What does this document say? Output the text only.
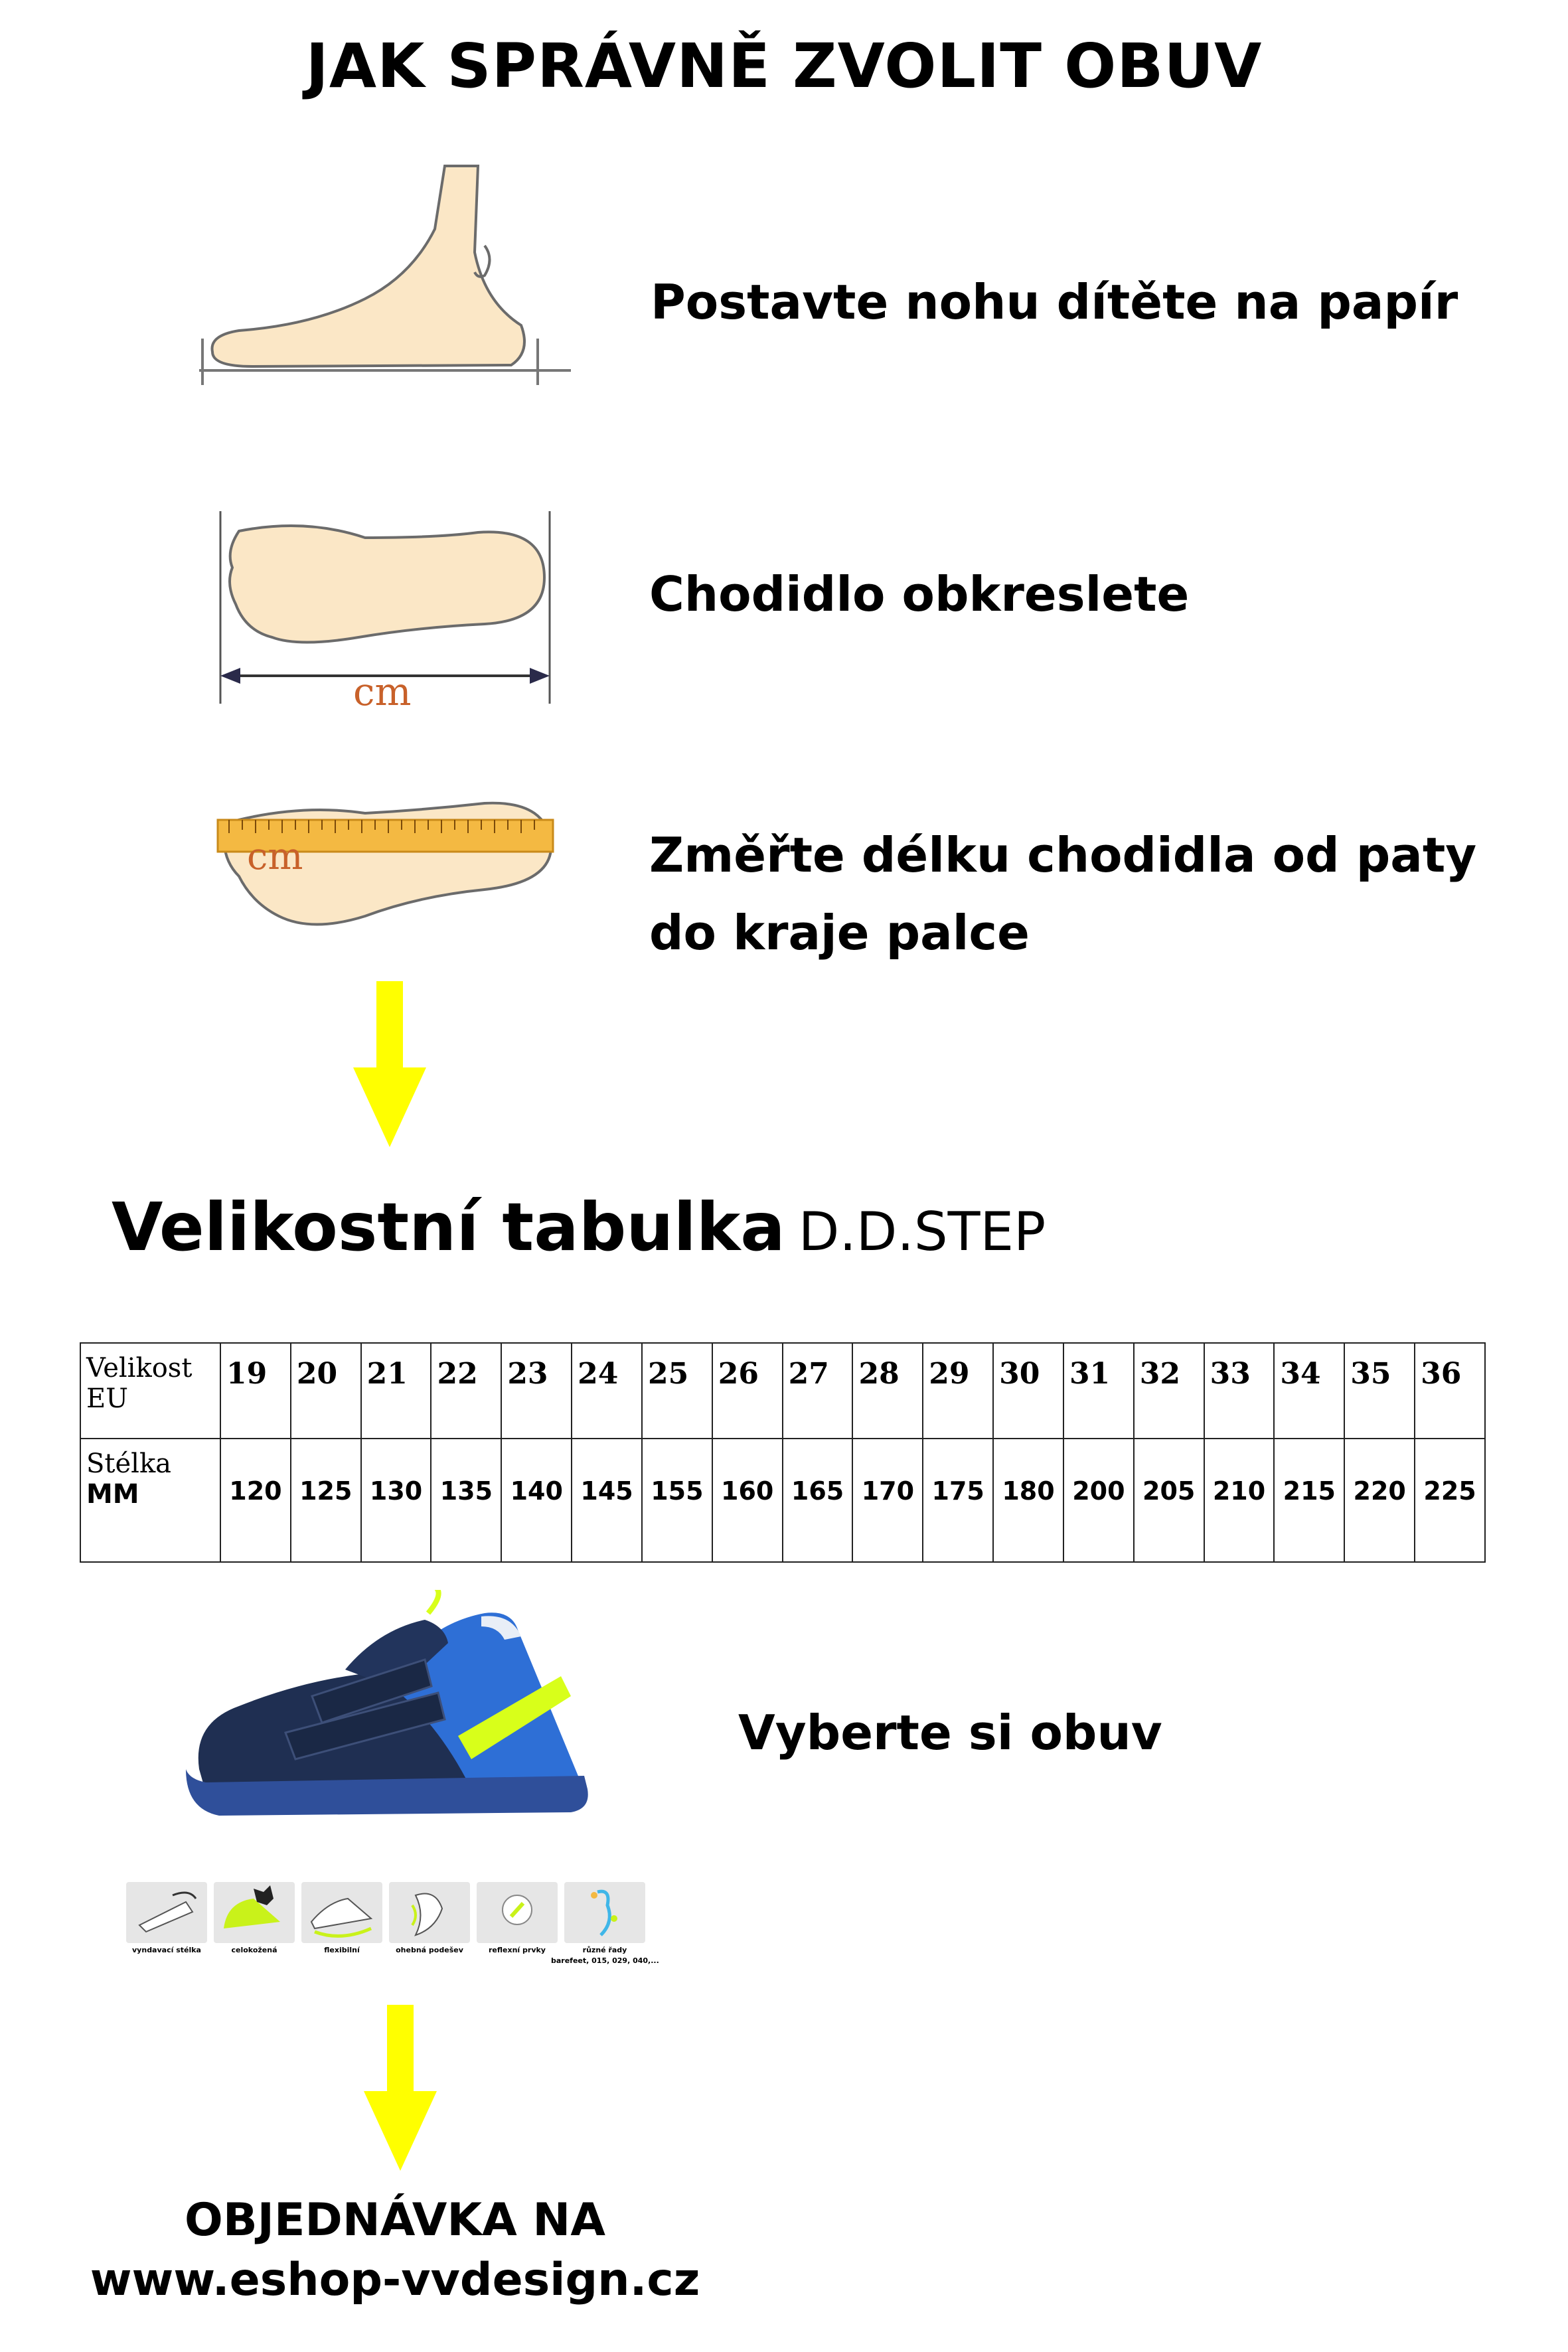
JAK SPRÁVNĚ ZVOLIT OBUV
Postavte nohu dítěte na papír
cm
Chodidlo obkreslete
cm	Změřte délku chodidla od paty
do kraje palce
Velikostní tabulka D.D.STEP
Velikost
EU	19	20	21	22	23	24	25	26	27	28	29	30	31	32	33	34	35	36
Stélka
MM	120	125	130	135	140	145	155	160	165	170	175	180	200	205	210	215	220	225
Vyberte si obuv
vyndavací stélka	celokožená	flexibilní	ohebná podešev	reflexní prvky	různé řady
barefeet, 015, 029, 040,...
OBJEDNÁVKA NA
www.eshop-vvdesign.cz
